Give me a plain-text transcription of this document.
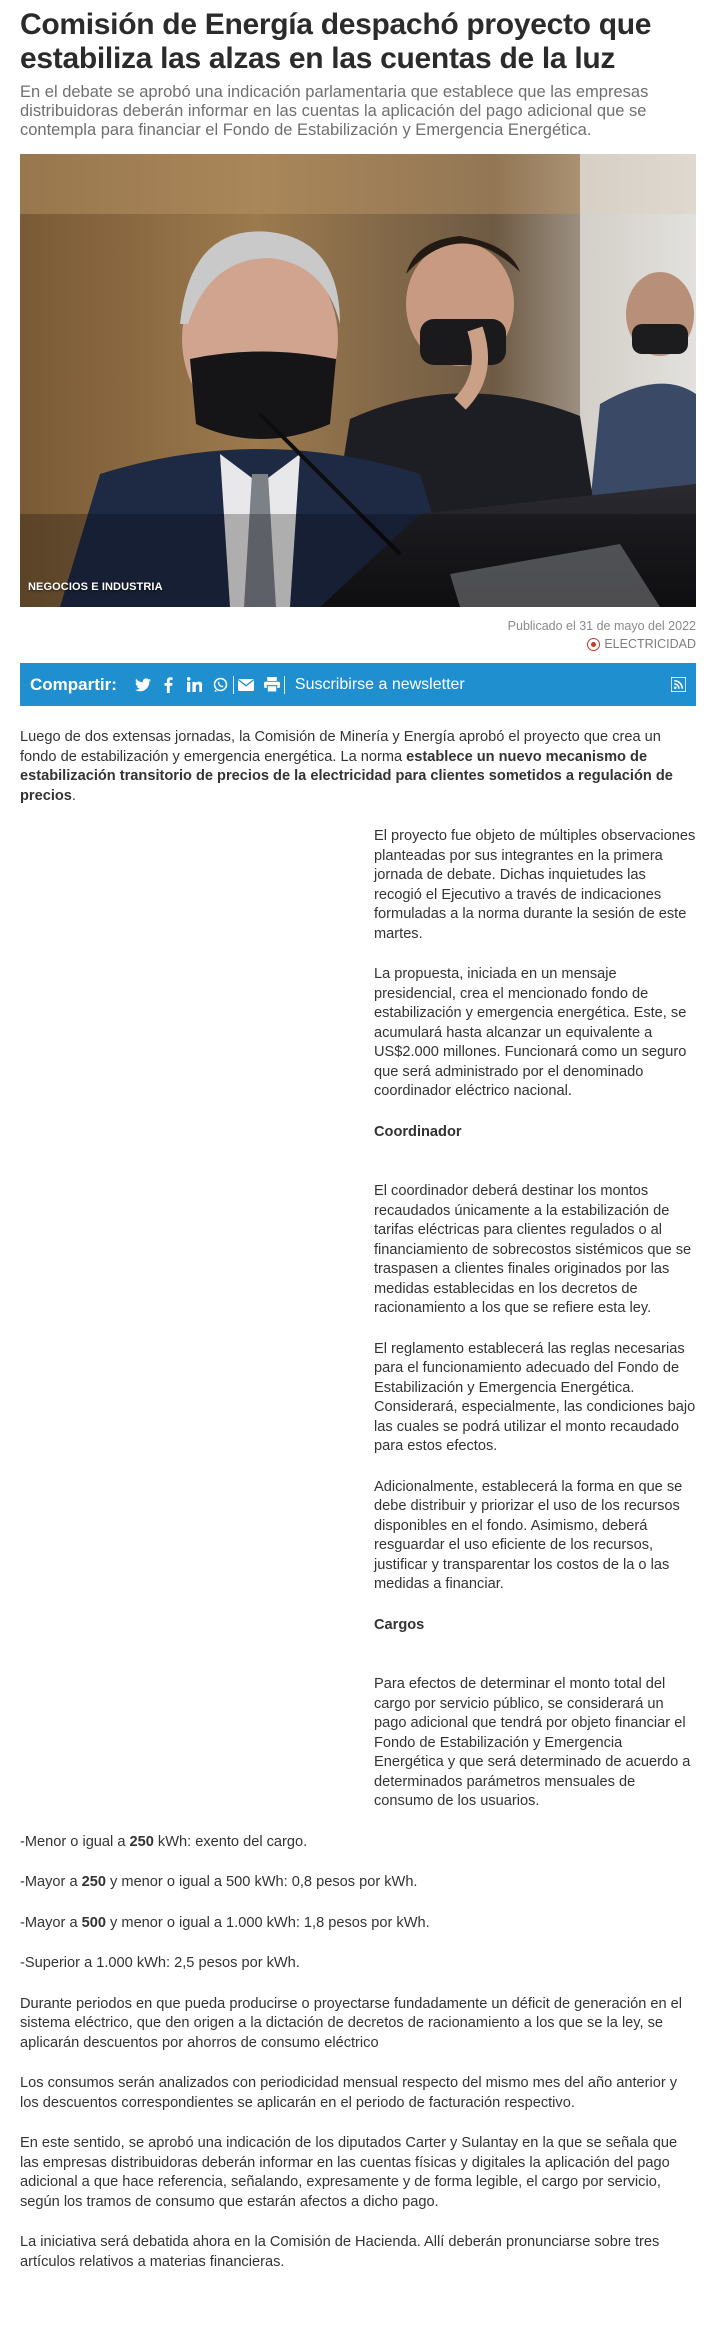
Comisión de Energía despachó proyecto que estabiliza las alzas en las cuentas de la luz

En el debate se aprobó una indicación parlamentaria que establece que las empresas distribuidoras deberán informar en las cuentas la aplicación del pago adicional que se contempla para financiar el Fondo de Estabilización y Emergencia Energética.

NEGOCIOS E INDUSTRIA
Publicado el 31 de mayo del 2022
ELECTRICIDAD
Compartir:	Suscribirse a newsletter

Luego de dos extensas jornadas, la Comisión de Minería y Energía aprobó el proyecto que crea un fondo de estabilización y emergencia energética. La norma establece un nuevo mecanismo de estabilización transitorio de precios de la electricidad para clientes sometidos a regulación de precios.

El proyecto fue objeto de múltiples observaciones planteadas por sus integrantes en la primera jornada de debate. Dichas inquietudes las recogió el Ejecutivo a través de indicaciones formuladas a la norma durante la sesión de este martes.

La propuesta, iniciada en un mensaje presidencial, crea el mencionado fondo de estabilización y emergencia energética. Este, se acumulará hasta alcanzar un equivalente a US$2.000 millones. Funcionará como un seguro que será administrado por el denominado coordinador eléctrico nacional.

Coordinador

El coordinador deberá destinar los montos recaudados únicamente a la estabilización de tarifas eléctricas para clientes regulados o al financiamiento de sobrecostos sistémicos que se traspasen a clientes finales originados por las medidas establecidas en los decretos de racionamiento a los que se refiere esta ley.

El reglamento establecerá las reglas necesarias para el funcionamiento adecuado del Fondo de Estabilización y Emergencia Energética. Considerará, especialmente, las condiciones bajo las cuales se podrá utilizar el monto recaudado para estos efectos.

Adicionalmente, establecerá la forma en que se debe distribuir y priorizar el uso de los recursos disponibles en el fondo. Asimismo, deberá resguardar el uso eficiente de los recursos, justificar y transparentar los costos de la o las medidas a financiar.

Cargos

Para efectos de determinar el monto total del cargo por servicio público, se considerará un pago adicional que tendrá por objeto financiar el Fondo de Estabilización y Emergencia Energética y que será determinado de acuerdo a determinados parámetros mensuales de consumo de los usuarios.

-Menor o igual a 250 kWh: exento del cargo.

-Mayor a 250 y menor o igual a 500 kWh: 0,8 pesos por kWh.

-Mayor a 500 y menor o igual a 1.000 kWh: 1,8 pesos por kWh.

-Superior a 1.000 kWh: 2,5 pesos por kWh.

Durante periodos en que pueda producirse o proyectarse fundadamente un déficit de generación en el sistema eléctrico, que den origen a la dictación de decretos de racionamiento a los que se la ley, se aplicarán descuentos por ahorros de consumo eléctrico

Los consumos serán analizados con periodicidad mensual respecto del mismo mes del año anterior y los descuentos correspondientes se aplicarán en el periodo de facturación respectivo.

En este sentido, se aprobó una indicación de los diputados Carter y Sulantay en la que se señala que las empresas distribuidoras deberán informar en las cuentas físicas y digitales la aplicación del pago adicional a que hace referencia, señalando, expresamente y de forma legible, el cargo por servicio, según los tramos de consumo que estarán afectos a dicho pago.

La iniciativa será debatida ahora en la Comisión de Hacienda. Allí deberán pronunciarse sobre tres artículos relativos a materias financieras.
